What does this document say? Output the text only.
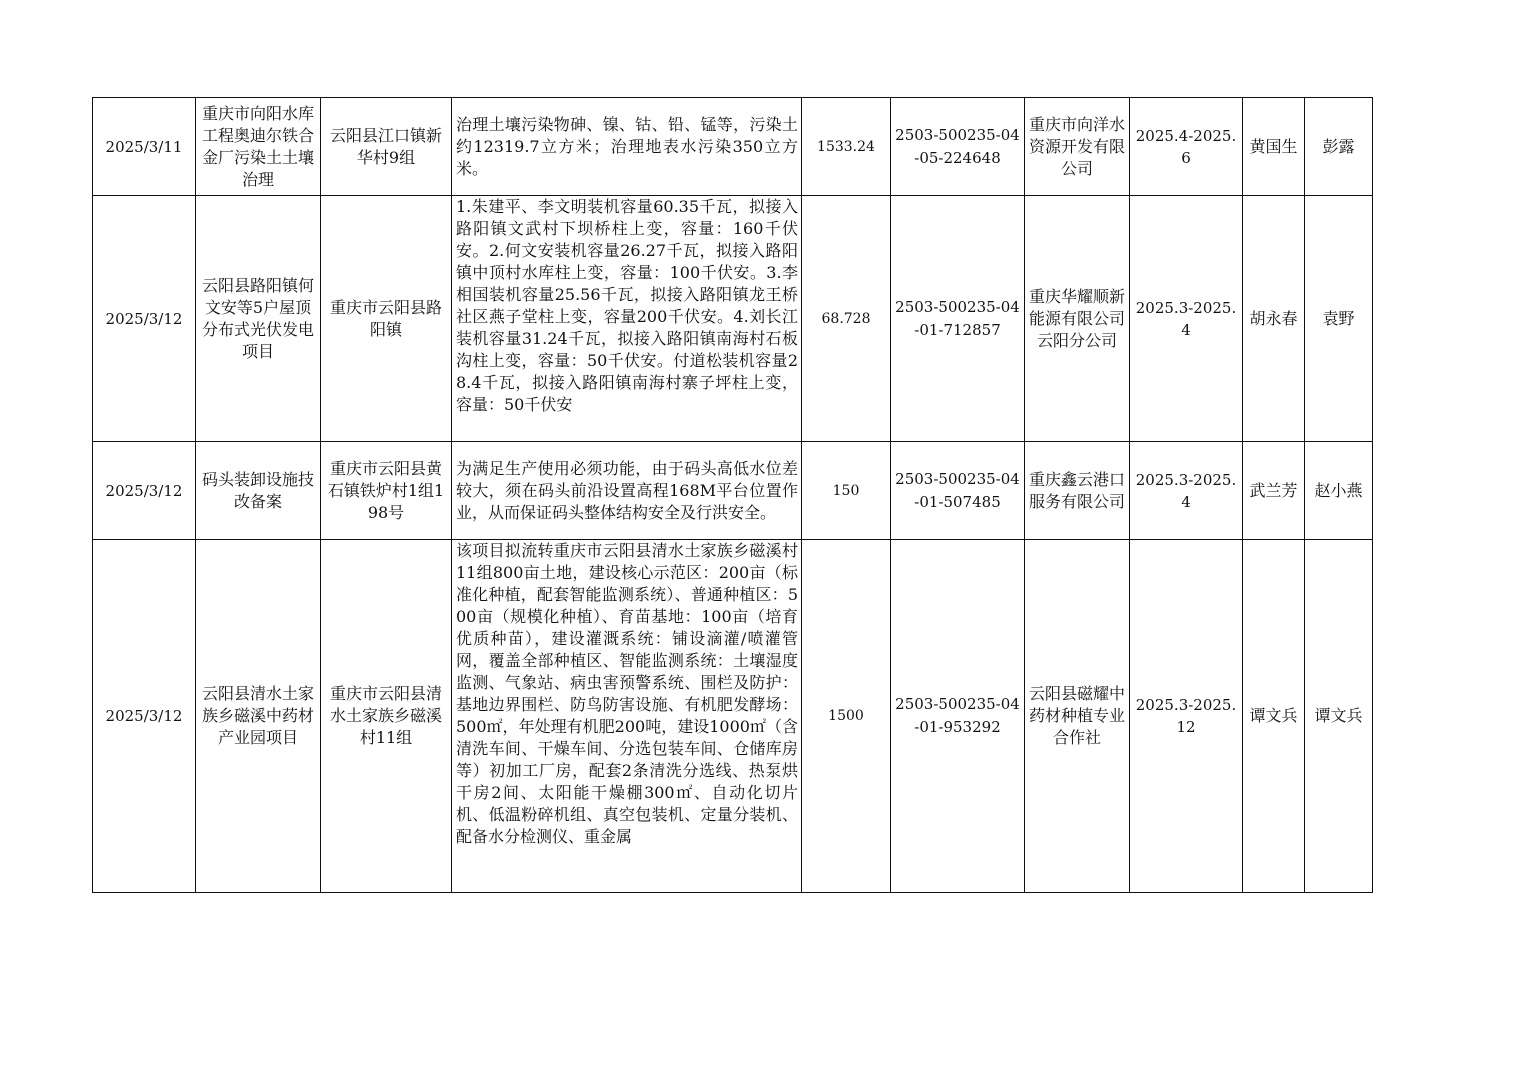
2025/3/11	重庆市向阳水库工程奥迪尔铁合金厂污染土土壤治理	云阳县江口镇新华村9组	治理土壤污染物砷、镍、钴、铅、锰等，污染土约12319.7立方米；治理地表水污染350立方米。	1533.24	2503-500235-04-05-224648	重庆市向洋水资源开发有限公司	2025.4-2025.6	黄国生	彭露
2025/3/12	云阳县路阳镇何文安等5户屋顶分布式光伏发电项目	重庆市云阳县路阳镇	1.朱建平、李文明装机容量60.35千瓦，拟接入路阳镇文武村下坝桥柱上变，容量：160千伏安。2.何文安装机容量26.27千瓦，拟接入路阳镇中顶村水库柱上变，容量：100千伏安。3.李相国装机容量25.56千瓦，拟接入路阳镇龙王桥社区燕子堂柱上变，容量200千伏安。4.刘长江装机容量31.24千瓦，拟接入路阳镇南海村石板沟柱上变，容量：50千伏安。付道松装机容量28.4千瓦，拟接入路阳镇南海村寨子坪柱上变，容量：50千伏安	68.728	2503-500235-04-01-712857	重庆华耀顺新能源有限公司云阳分公司	2025.3-2025.4	胡永春	袁野
2025/3/12	码头装卸设施技改备案	重庆市云阳县黄石镇铁炉村1组198号	为满足生产使用必须功能，由于码头高低水位差较大，须在码头前沿设置高程168M平台位置作业，从而保证码头整体结构安全及行洪安全。	150	2503-500235-04-01-507485	重庆鑫云港口服务有限公司	2025.3-2025.4	武兰芳	赵小燕
2025/3/12	云阳县清水土家族乡磁溪中药材产业园项目	重庆市云阳县清水土家族乡磁溪村11组	该项目拟流转重庆市云阳县清水土家族乡磁溪村11组800亩土地，建设核心示范区：200亩（标准化种植，配套智能监测系统）、普通种植区：500亩（规模化种植）、育苗基地：100亩（培育优质种苗），建设灌溉系统：铺设滴灌/喷灌管网，覆盖全部种植区、智能监测系统：土壤湿度监测、气象站、病虫害预警系统、围栏及防护：基地边界围栏、防鸟防害设施、有机肥发酵场：500㎡，年处理有机肥200吨，建设1000㎡（含清洗车间、干燥车间、分选包装车间、仓储库房等）初加工厂房，配套2条清洗分选线、热泵烘干房2间、太阳能干燥棚300㎡、自动化切片机、低温粉碎机组、真空包装机、定量分装机、配备水分检测仪、重金属	1500	2503-500235-04-01-953292	云阳县磁耀中药材种植专业合作社	2025.3-2025.12	谭文兵	谭文兵
